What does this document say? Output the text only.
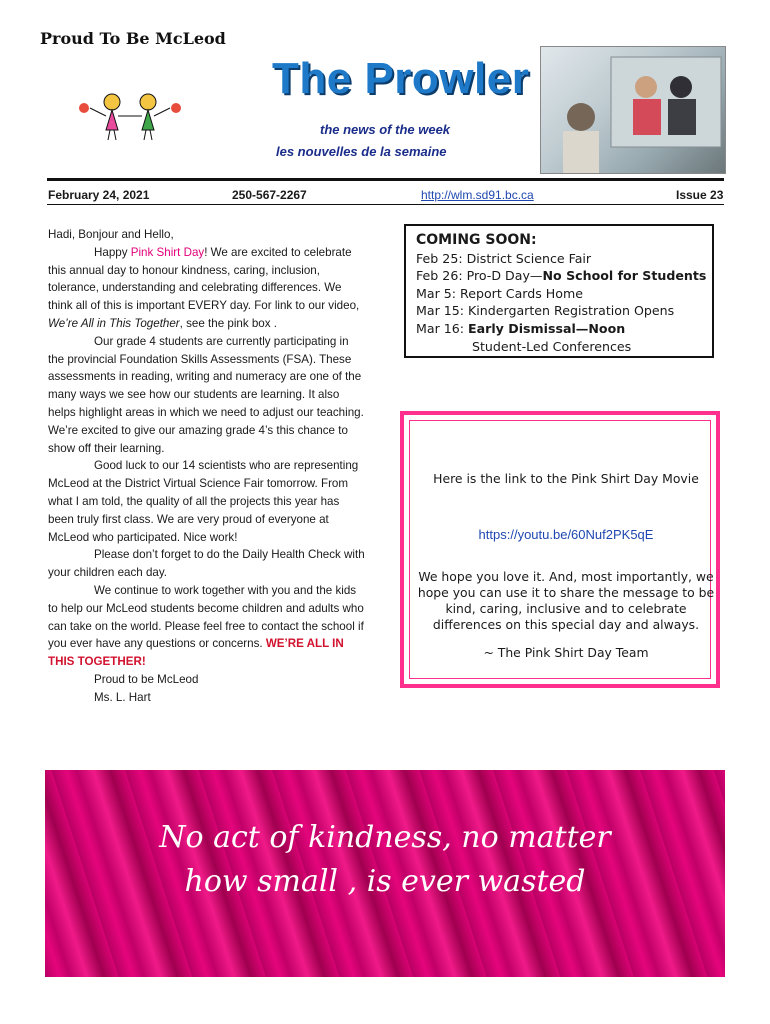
Proud To Be McLeod
The Prowler
the news of the week
les nouvelles de la semaine
February 24, 2021	250-567-2267	http://wlm.sd91.bc.ca	Issue 23

Hadi, Bonjour and Hello,

Happy Pink Shirt Day! We are excited to celebrate this annual day to honour kindness, caring, inclusion, tolerance, understanding and celebrating differences. We think all of this is important EVERY day. For link to our video, We’re All in This Together, see the pink box .

Our grade 4 students are currently participating in the provincial Foundation Skills Assessments (FSA). These assessments in reading, writing and numeracy are one of the many ways we see how our students are learning. It also helps highlight areas in which we need to adjust our teaching. We’re excited to give our amazing grade 4’s this chance to show off their learning.

Good luck to our 14 scientists who are representing McLeod at the District Virtual Science Fair tomorrow. From what I am told, the quality of all the projects this year has been truly first class. We are very proud of everyone at McLeod who participated. Nice work!

Please don’t forget to do the Daily Health Check with your children each day.

We continue to work together with you and the kids to help our McLeod students become children and adults who can take on the world. Please feel free to contact the school if you ever have any questions or concerns. WE’RE ALL IN THIS TOGETHER!

Proud to be McLeod

Ms. L. Hart

COMING SOON:
Feb 25: District Science Fair
Feb 26: Pro-D Day—No School for Students
Mar 5: Report Cards Home
Mar 15: Kindergarten Registration Opens
Mar 16: Early Dismissal—Noon
Student-Led Conferences
Here is the link to the Pink Shirt Day Movie
https://youtu.be/60Nuf2PK5qE
We hope you love it. And, most importantly, we hope you can use it to share the message to be kind, caring, inclusive and to celebrate differences on this special day and always.
~ The Pink Shirt Day Team
No act of kindness, no matter
how small , is ever wasted
